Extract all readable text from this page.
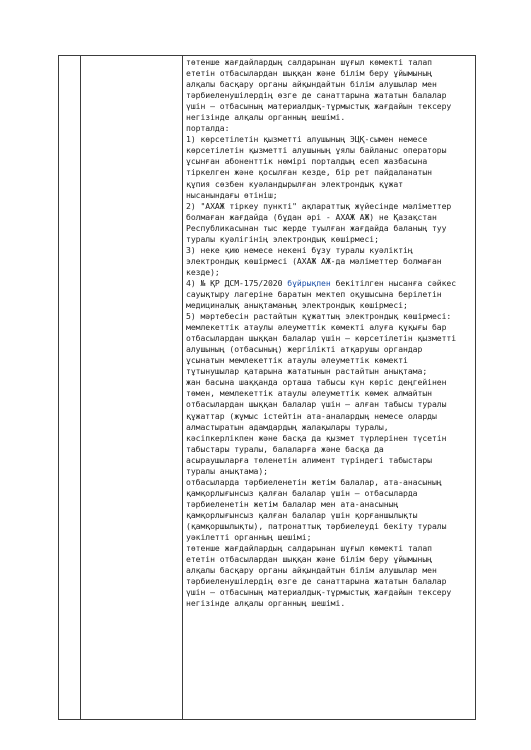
төтенше жағдайлардың салдарынан шұғыл көмекті талап
ететін отбасылардан шыққан және білім беру ұйымының
алқалы басқару органы айқындайтын білім алушылар мен
тәрбиеленушілердің өзге де санаттарына жататын балалар
үшін – отбасының материалдық-тұрмыстық жағдайын тексеру
негізінде алқалы органның шешімі.
порталда:
1) көрсетілетін қызметті алушының ЭЦҚ-сымен немесе
көрсетілетін қызметті алушының ұялы байланыс операторы
ұсынған абоненттік нөмірі порталдың есеп жазбасына
тіркелген және қосылған кезде, бір рет пайдаланатын
құпия сөзбен куәландырылған электрондық құжат
нысанындағы өтініш;
2) "АХАЖ тіркеу пункті" ақпараттық жүйесінде мәліметтер
болмаған жағдайда (бұдан әрі - АХАЖ АЖ) не Қазақстан
Республикасынан тыс жерде туылған жағдайда баланың туу
туралы куәлігінің электрондық көшірмесі;
3) неке қию немесе некені бұзу туралы куәліктің
электрондық көшірмесі (АХАЖ АЖ-да мәліметтер болмаған
кезде);
4) № ҚР ДСМ-175/2020 бұйрықпен бекітілген нысанға сәйкес
сауықтыру лагеріне баратын мектеп оқушысына берілетін
медициналық анықтаманың электрондық көшірмесі;
5) мәртебесін растайтын құжаттың электрондық көшірмесі:
мемлекеттік атаулы әлеуметтік көмекті алуға құқығы бар
отбасылардан шыққан балалар үшін – көрсетілетін қызметті
алушының (отбасының) жергілікті атқарушы органдар
ұсынатын мемлекеттік атаулы әлеуметтік көмекті
тұтынушылар қатарына жататынын растайтын анықтама;
жан басына шаққанда орташа табысы күн көріс деңгейінен
төмен, мемлекеттік атаулы әлеуметтік көмек алмайтын
отбасылардан шыққан балалар үшін – алған табысы туралы
құжаттар (жұмыс істейтін ата-аналардың немесе оларды
алмастыратын адамдардың жалақылары туралы,
кәсіпкерлікпен және басқа да қызмет түрлерінен түсетін
табыстары туралы, балаларға және басқа да
асыраушыларға төленетін алимент түріндегі табыстары
туралы анықтама);
отбасыларда тәрбиеленетін жетім балалар, ата-анасының
қамқорлығынсыз қалған балалар үшін – отбасыларда
тәрбиеленетін жетім балалар мен ата-анасының
қамқорлығынсыз қалған балалар үшін қорғаншылықты
(қамқоршылықты), патронаттық тәрбиелеуді бекіту туралы
уәкілетті органның шешімі;
төтенше жағдайлардың салдарынан шұғыл көмекті талап
ететін отбасылардан шыққан және білім беру ұйымының
алқалы басқару органы айқындайтын білім алушылар мен
тәрбиеленушілердің өзге де санаттарына жататын балалар
үшін – отбасының материалдық-тұрмыстық жағдайын тексеру
негізінде алқалы органның шешімі.
